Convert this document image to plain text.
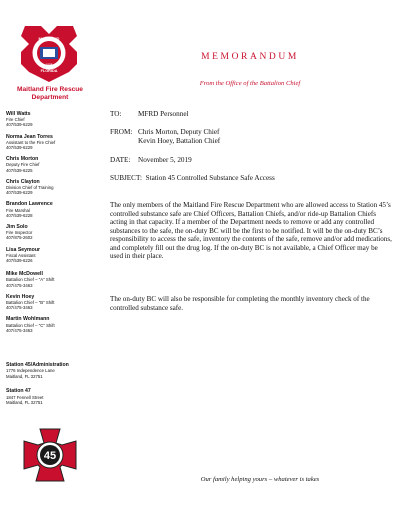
MAITLAND
FLORIDA
1885
Maitland Fire Rescue
Department
Will Watts
Fire Chief
407/539-6229
Norma Jean Torres
Assistant to the Fire Chief
407/539-6229
Chris Morton
Deputy Fire Chief
407/539-6225
Chris Clayton
Division Chief of Training
407/539-6229
Brandon Lawrence
Fire Marshal
407/539-6228
Jim Solo
Fire Inspector
407/875-2602
Lisa Seymour
Fiscal Assistant
407/539-6226
Mike McDowell
Battalion Chief – "A" Shift
407/475-3463
Kevin Hoey
Battalion Chief – "B" Shift
407/475-3463
Martin Wohlmann
Battalion Chief – "C" Shift
407/475-3463
Station 45/Administration
1776 Independence Lane
Maitland, FL 32751
Station 47
1847 Fennell Street
Maitland, FL 32751
45
MEMORANDUM
From the Office of the Battalion Chief
TO: MFRD Personnel
FROM: Chris Morton, Deputy Chief
Kevin Hoey, Battalion Chief
DATE: November 5, 2019
SUBJECT: Station 45 Controlled Substance Safe Access

The only members of the Maitland Fire Rescue Department who are allowed access to Station 45’s controlled substance safe are Chief Officers, Battalion Chiefs, and/or ride-up Battalion Chiefs acting in that capacity. If a member of the Department needs to remove or add any controlled substances to the safe, the on-duty BC will be the first to be notified. It will be the on-duty BC’s responsibility to access the safe, inventory the contents of the safe, remove and/or add medications, and completely fill out the drug log. If the on-duty BC is not available, a Chief Officer may be used in their place.

The on-duty BC will also be responsible for completing the monthly inventory check of the controlled substance safe.

Our family helping yours – whatever is takes
